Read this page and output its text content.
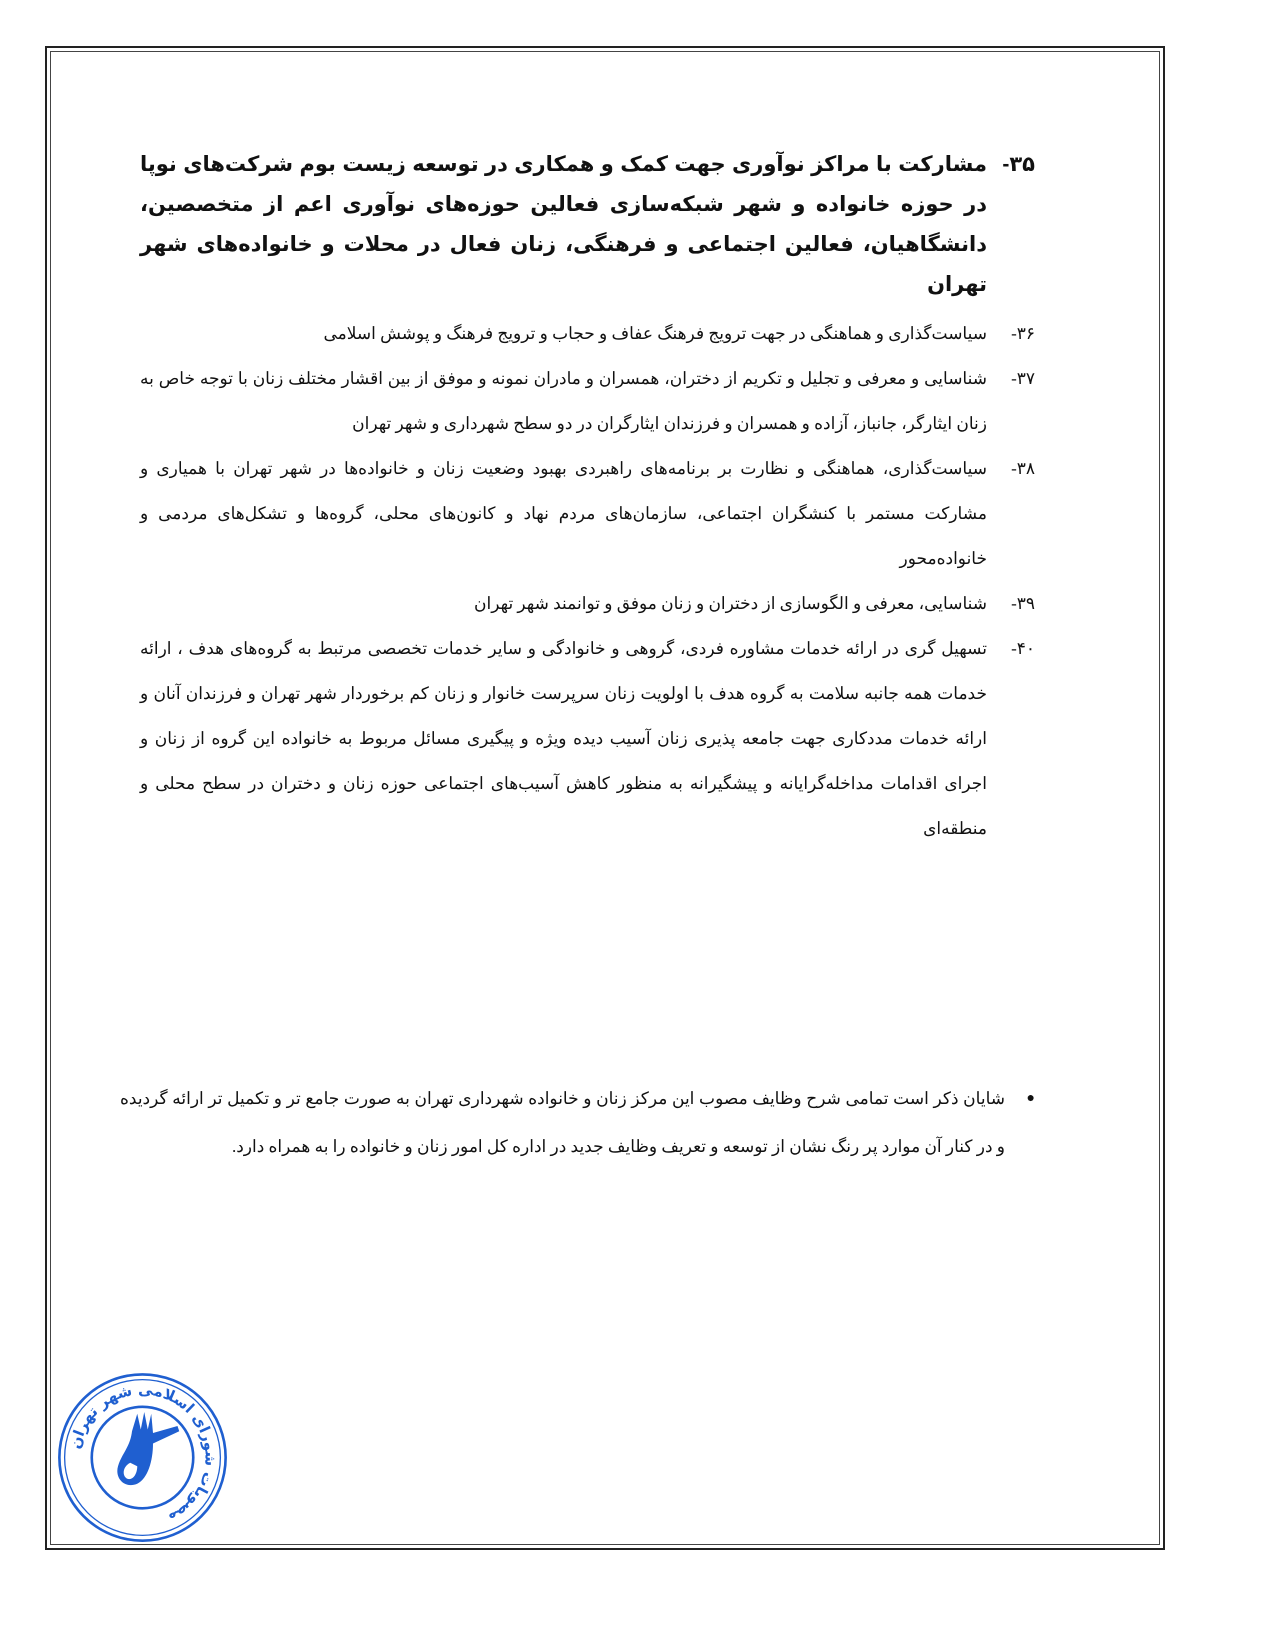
۳۵-
مشارکت با مراکز نوآوری جهت کمک و همکاری در توسعه زیست بوم شرکت‌های نوپا در حوزه خانواده و شهر شبکه‌سازی فعالین حوزه‌های نوآوری اعم از متخصصین، دانشگاهیان، فعالین اجتماعی و فرهنگی، زنان فعال در محلات و خانواده‌های شهر تهران
۳۶-
سیاست‌گذاری و هماهنگی در جهت ترویج فرهنگ عفاف و حجاب و ترویج فرهنگ و پوشش اسلامی
۳۷-
شناسایی و معرفی و تجلیل و تکریم از دختران، همسران و مادران نمونه و موفق از بین اقشار مختلف زنان با توجه خاص به زنان ایثارگر، جانباز، آزاده و همسران و فرزندان ایثارگران در دو سطح شهرداری و شهر تهران
۳۸-
سیاست‌گذاری، هماهنگی و نظارت بر برنامه‌های راهبردی بهبود وضعیت زنان و خانواده‌ها در شهر تهران با همیاری و مشارکت مستمر با کنشگران اجتماعی، سازمان‌های مردم نهاد و کانون‌های محلی، گروه‌ها و تشکل‌های مردمی و خانواده‌محور
۳۹-
شناسایی، معرفی و الگوسازی از دختران و زنان موفق و توانمند شهر تهران
۴۰-
تسهیل گری در ارائه خدمات مشاوره فردی، گروهی و خانوادگی و سایر خدمات تخصصی مرتبط به گروه‌های هدف ، ارائه خدمات همه جانبه سلامت به گروه هدف با اولویت زنان سرپرست خانوار و زنان کم برخوردار شهر تهران و فرزندان آنان و ارائه خدمات مددکاری جهت جامعه پذیری زنان آسیب دیده ویژه و پیگیری مسائل مربوط به خانواده این گروه از زنان و اجرای اقدامات مداخله‌گرایانه و پیشگیرانه به منظور کاهش آسیب‌های اجتماعی حوزه زنان و دختران در سطح محلی و منطقه‌ای
●
شایان ذکر است تمامی شرح وظایف مصوب این مرکز زنان و خانواده شهرداری تهران به صورت جامع تر و تکمیل تر ارائه گردیده و در کنار آن موارد پر رنگ نشان از توسعه و تعریف وظایف جدید در اداره کل امور زنان و خانواده را به همراه دارد.
مصوبات شورای اسلامی شهر تهران
